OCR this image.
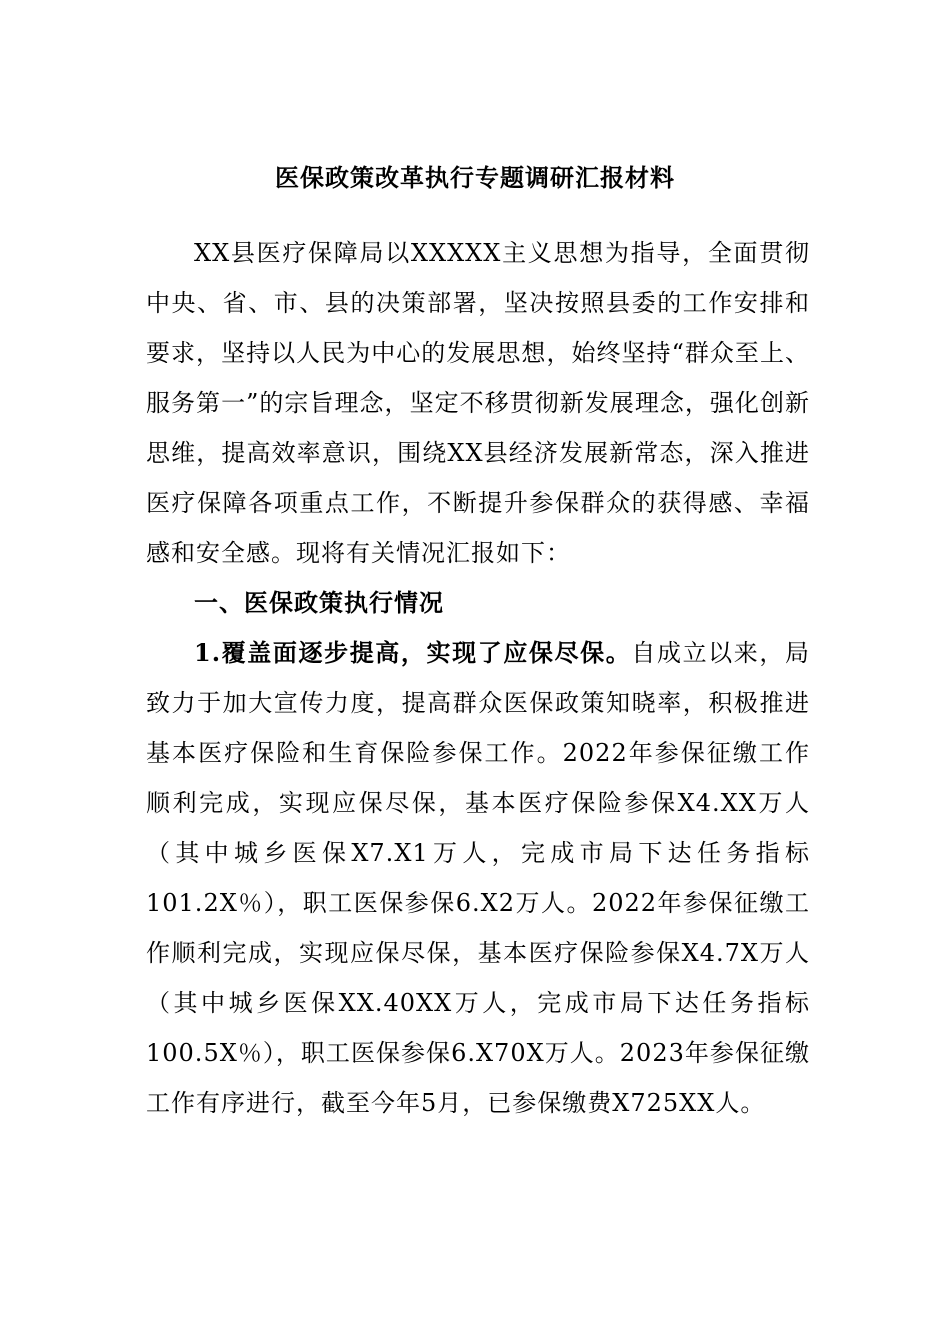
医保政策改革执行专题调研汇报材料

XX县医疗保障局以XXXXX主义思想为指导，全面贯彻中央、省、市、县的决策部署，坚决按照县委的工作安排和要求，坚持以人民为中心的发展思想，始终坚持“群众至上、服务第一”的宗旨理念，坚定不移贯彻新发展理念，强化创新思维，提高效率意识，围绕XX县经济发展新常态，深入推进医疗保障各项重点工作，不断提升参保群众的获得感、幸福感和安全感。现将有关情况汇报如下：

一、医保政策执行情况

1.覆盖面逐步提高，实现了应保尽保。自成立以来，局致力于加大宣传力度，提高群众医保政策知晓率，积极推进基本医疗保险和生育保险参保工作。2022年参保征缴工作顺利完成，实现应保尽保，基本医疗保险参保X4.XX万人（其中城乡医保X7.X1万人，完成市局下达任务指标101.2X％），职工医保参保6.X2万人。2022年参保征缴工作顺利完成，实现应保尽保，基本医疗保险参保X4.7X万人（其中城乡医保XX.40XX万人，完成市局下达任务指标100.5X％），职工医保参保6.X70X万人。2023年参保征缴工作有序进行，截至今年5月，已参保缴费X725XX人。
